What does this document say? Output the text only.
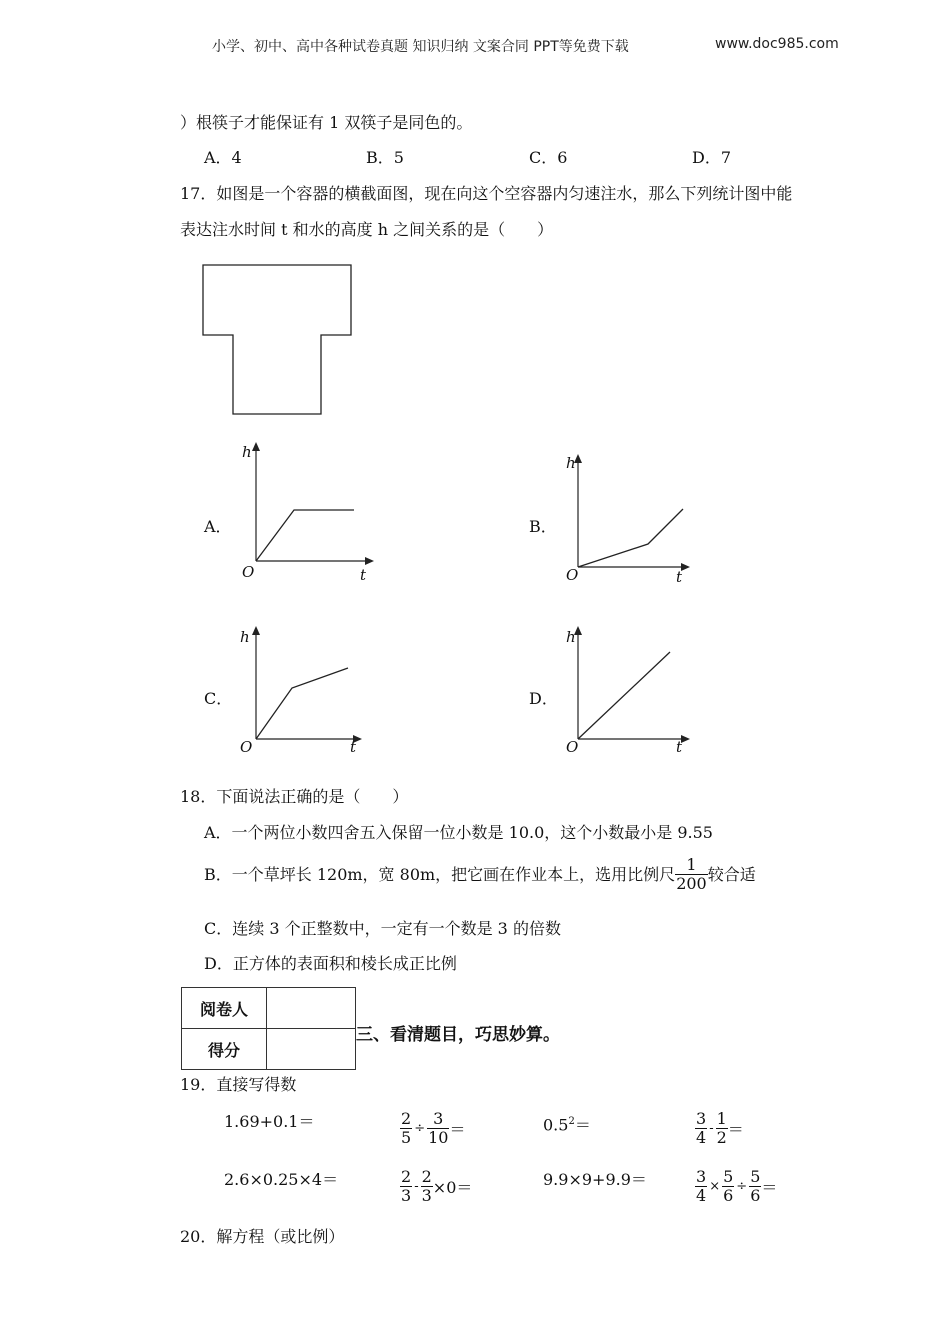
小学、初中、高中各种试卷真题 知识归纳 文案合同 PPT等免费下载	www.doc985.com
）根筷子才能保证有 1 双筷子是同色的。
A．4	B．5	C．6	D．7
17．如图是一个容器的横截面图，现在向这个空容器内匀速注水，那么下列统计图中能
表达注水时间 t 和水的高度 h 之间关系的是（　　）
A．
h
O	t
B．
h
O	t
C．
h
O	t
D．
h
O	t
18．下面说法正确的是（　　）
A．一个两位小数四舍五入保留一位小数是 10.0，这个小数最小是 9.55
B．一个草坪长 120m，宽 80m，把它画在作业本上，选用比例尺 $\frac{1}{200}$ 较合适
C．连续 3 个正整数中，一定有一个数是 3 的倍数
D．正方体的表面积和棱长成正比例
阅卷人	
得分	
三、看清题目，巧思妙算。
19．直接写得数
1.69+0.1＝	$\frac{2}{5} \div \frac{3}{10}$ ＝	$0.5^2=$	$\frac{3}{4} - \frac{1}{2}$ ＝
2.6×0.25×4＝	$\frac{2}{3} - \frac{2}{3} \times 0=$	9.9×9+9.9＝	$\frac{3}{4} \times \frac{5}{6} \div \frac{5}{6}$ ＝
20．解方程（或比例）
